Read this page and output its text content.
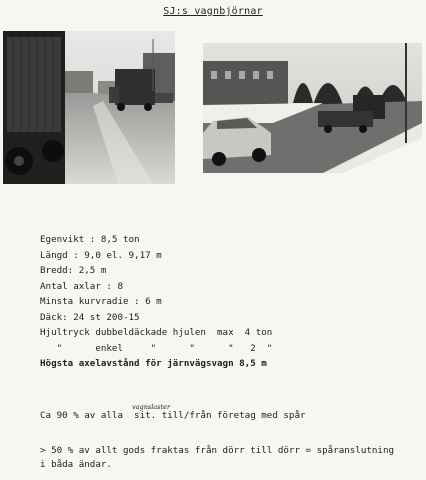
SJ:s vagnbjörnar
Egenvikt : 8,5 ton
Längd : 9,0 el. 9,17 m
Bredd: 2,5 m
Antal axlar : 8
Minsta kurvradie : 6 m
Däck: 24 st 200-15
Hjultryck dubbeldäckade hjulen  max  4 ton
"      enkel     "      "      "   2  "
Högsta axelavstånd för järnvägsvagn 8,5 m
vagnslaster
Ca 90 % av alla  sit. till/från företag med spår
> 50 % av allt gods fraktas från dörr till dörr = spåranslutning
i båda ändar.
